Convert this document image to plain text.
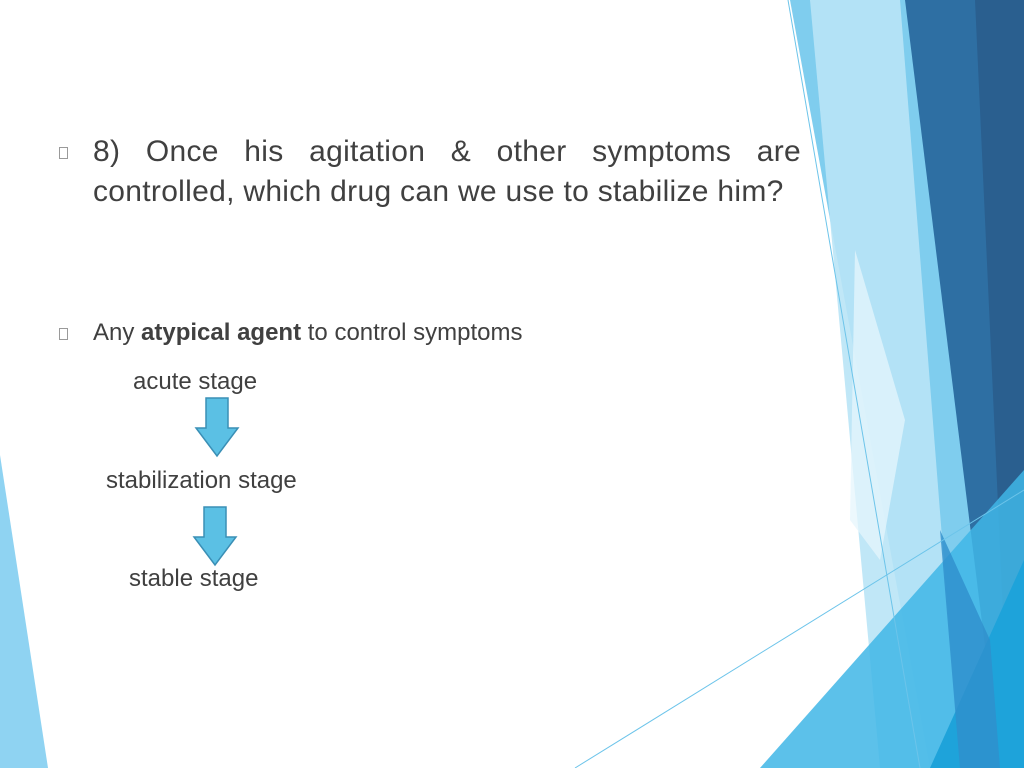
8) Once his agitation & other symptoms are controlled, which drug can we use to stabilize him?
Any atypical agent to control symptoms
acute stage
stabilization stage
stable stage
